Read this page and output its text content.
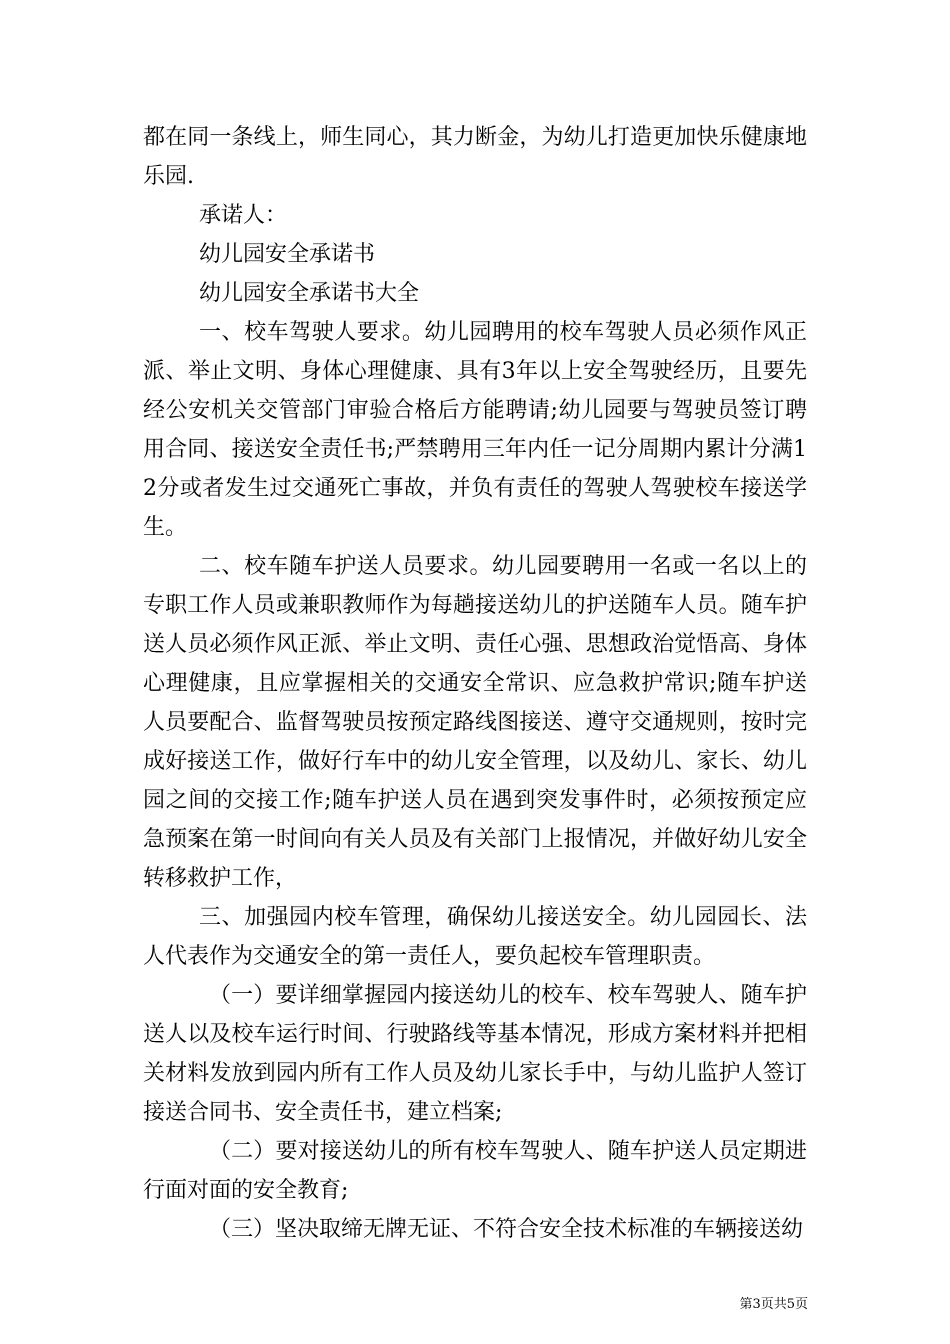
都在同一条线上，师生同心，其力断金，为幼儿打造更加快乐健康地乐园.

承诺人：

幼儿园安全承诺书

幼儿园安全承诺书大全

一、校车驾驶人要求。幼儿园聘用的校车驾驶人员必须作风正派、举止文明、身体心理健康、具有3年以上安全驾驶经历，且要先经公安机关交管部门审验合格后方能聘请;幼儿园要与驾驶员签订聘用合同、接送安全责任书;严禁聘用三年内任一记分周期内累计分满12分或者发生过交通死亡事故，并负有责任的驾驶人驾驶校车接送学生。

二、校车随车护送人员要求。幼儿园要聘用一名或一名以上的专职工作人员或兼职教师作为每趟接送幼儿的护送随车人员。随车护送人员必须作风正派、举止文明、责任心强、思想政治觉悟高、身体心理健康，且应掌握相关的交通安全常识、应急救护常识;随车护送人员要配合、监督驾驶员按预定路线图接送、遵守交通规则，按时完成好接送工作，做好行车中的幼儿安全管理，以及幼儿、家长、幼儿园之间的交接工作;随车护送人员在遇到突发事件时，必须按预定应急预案在第一时间向有关人员及有关部门上报情况，并做好幼儿安全转移救护工作，

三、加强园内校车管理，确保幼儿接送安全。幼儿园园长、法人代表作为交通安全的第一责任人，要负起校车管理职责。

（一）要详细掌握园内接送幼儿的校车、校车驾驶人、随车护送人以及校车运行时间、行驶路线等基本情况，形成方案材料并把相关材料发放到园内所有工作人员及幼儿家长手中，与幼儿监护人签订接送合同书、安全责任书，建立档案;

（二）要对接送幼儿的所有校车驾驶人、随车护送人员定期进行面对面的安全教育;

（三）坚决取缔无牌无证、不符合安全技术标准的车辆接送幼

第3页共5页
